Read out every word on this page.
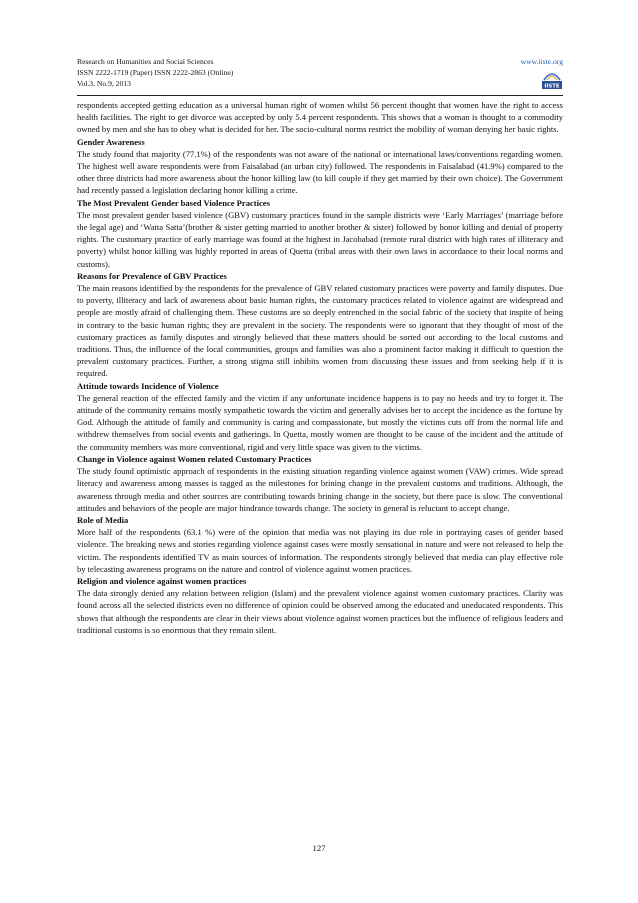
Research on Humanities and Social Sciences
ISSN 2222-1719 (Paper) ISSN 2222-2863 (Online)
Vol.3, No.9, 2013
www.iiste.org
IISTE

respondents accepted getting education as a universal human right of women whilst 56 percent thought that women have the right to access health facilities. The right to get divorce was accepted by only 5.4 percent respondents. This shows that a woman is thought to a commodity owned by men and she has to obey what is decided for her. The socio-cultural norms restrict the mobility of woman denying her basic rights.

Gender Awareness

The study found that majority (77.1%) of the respondents was not aware of the national or international laws/conventions regarding women. The highest well aware respondents were from Faisalabad (an urban city) followed. The respondents in Faisalabad (41.9%) compared to the other three districts had more awareness about the honor killing law (to kill couple if they get married by their own choice). The Government had recently passed a legislation declaring honor killing a crime.

The Most Prevalent Gender based Violence Practices

The most prevalent gender based violence (GBV) customary practices found in the sample districts were ‘Early Marriages’ (marriage before the legal age) and ‘Watta Satta’(brother & sister getting married to another brother & sister) followed by honor killing and denial of property rights. The customary practice of early marriage was found at the highest in Jacobabad (remote rural district with high rates of illiteracy and poverty) whilst honor killing was highly reported in areas of Quetta (tribal areas with their own laws in accordance to their local norms and customs).

Reasons for Prevalence of GBV Practices

The main reasons identified by the respondents for the prevalence of GBV related customary practices were poverty and family disputes. Due to poverty, illiteracy and lack of awareness about basic human rights, the customary practices related to violence against are widespread and people are mostly afraid of challenging them. These customs are so deeply entrenched in the social fabric of the society that inspite of being in contrary to the basic human rights; they are prevalent in the society. The respondents were so ignorant that they thought of most of the customary practices as family disputes and strongly believed that these matters should be sorted out according to the local customs and traditions. Thus, the influence of the local communities, groups and families was also a prominent factor making it difficult to question the prevalent customary practices. Further, a strong stigma still inhibits women from discussing these issues and from seeking help if it is required.

Attitude towards Incidence of Violence

The general reaction of the effected family and the victim if any unfortunate incidence happens is to pay no heeds and try to forget it. The attitude of the community remains mostly sympathetic towards the victim and generally advises her to accept the incidence as the fortune by God. Although the attitude of family and community is caring and compassionate, but mostly the victims cuts off from the normal life and withdrew themselves from social events and gatherings. In Quetta, mostly women are thought to be cause of the incident and the attitude of the community members was more conventional, rigid and very little space was given to the victims.

Change in Violence against Women related Customary Practices

The study found optimistic approach of respondents in the existing situation regarding violence against women (VAW) crimes. Wide spread literacy and awareness among masses is tagged as the milestones for brining change in the prevalent customs and traditions. Although, the awareness through media and other sources are contributing towards brining change in the society, but there pace is slow. The conventional attitudes and behaviors of the people are major hindrance towards change. The society in general is reluctant to accept change.

Role of Media

More half of the respondents (63.1 %) were of the opinion that media was not playing its due role in portraying cases of gender based violence. The breaking news and stories regarding violence against cases were mostly sensational in nature and were not released to help the victim. The respondents identified TV as main sources of information. The respondents strongly believed that media can play effective role by telecasting awareness programs on the nature and control of violence against women practices.

Religion and violence against women practices

The data strongly denied any relation between religion (Islam) and the prevalent violence against women customary practices. Clarity was found across all the selected districts even no difference of opinion could be observed among the educated and uneducated respondents. This shows that although the respondents are clear in their views about violence against women practices but the influence of religious leaders and traditional customs is so enormous that they remain silent.

127
